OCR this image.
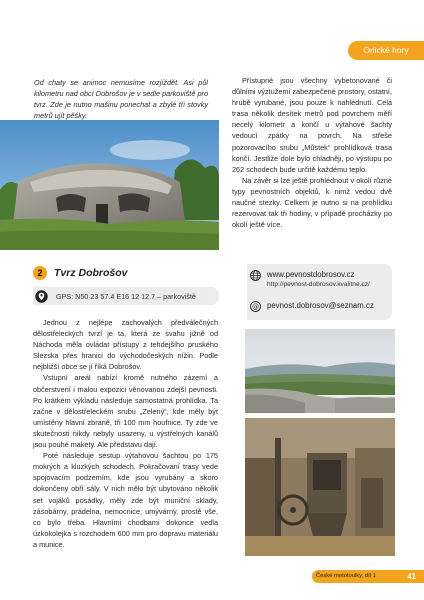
Orlické hory

Od chaty se animoc nemusíme rozjíždět. Asi půl kilometru nad obcí Dobrošov je v sedle parkoviště pro tvrz. Zde je nutno mašinu ponechat a zbylé tři stovky metrů ujít pěšky.

Přístupné jsou všechny vybetonované či důlními výztužemi zabezpečené prostory, ostatní, hrubě vyrubané, jsou pouze k nahlédnutí. Celá trasa několik desítek metrů pod povrchem měří necelý kilometr a končí u výtahové šachty vedoucí zpátky na povrch. Na střeše pozorovacího srubu „Můstek“ prohlídková trasa končí. Jestliže dole bylo chladněji, po výstupu po 262 schodech bude určitě každému teplo.

Na závěr si lze ještě prohlédnout v okolí různé typy pevnostních objektů, k nimž vedou dvě naučné stezky. Celkem je nutno si na prohlídku rezervovat tak tři hodiny, v případě procházky po okolí ještě více.

2	Tvrz Dobrošov
GPS: N50 23 57.4 E16 12 12.7 – parkoviště

Jednou z nejlépe zachovalých předválečných dělostřeleckých tvrzí je ta, která ze svahu jižně od Náchoda měla ovládat přístupy z tehdejšího pruského Slezska přes hranici do východočeských nížin. Podle nejbližší obce se jí říká Dobrošov.

Vstupní areál nabízí kromě nutného zázemí a občerstvení i malou expozici věnovanou zdejší pevnosti. Po krátkém výkladu následuje samostatná prohlídka. Ta začne v dělostřeleckém srubu „Zelený“, kde měly být umístěny hlavní zbraně, tři 100 mm houfnice. Ty zde ve skutečnosti nikdy nebyly usazeny, u výstřelných kanálů jsou pouhé makety. Ale představu dají.

Poté následuje sestup výtahovou šachtou po 175 mokrých a kluzkých schodech. Pokračovaní trasy vede spojovacím podzemím, kde jsou vyrubány a skoro dokončeny obří sály. V nich mělo být ubytováno několik set vojáků posádky, měly zde být muniční sklady, zásobárny, prádelna, nemocnice, umývárny, prostě vše, co bylo třeba. Hlavními chodbami dokonce vedla úzkokolejka s rozchodem 600 mm pro dopravu materiálu a munice.

www.pevnostdobrosov.cz
http://pevnost-dobrosov.kvalitne.cz/
@ pevnost.dobrosov@seznam.cz
České mototoulky, díl 1	41
